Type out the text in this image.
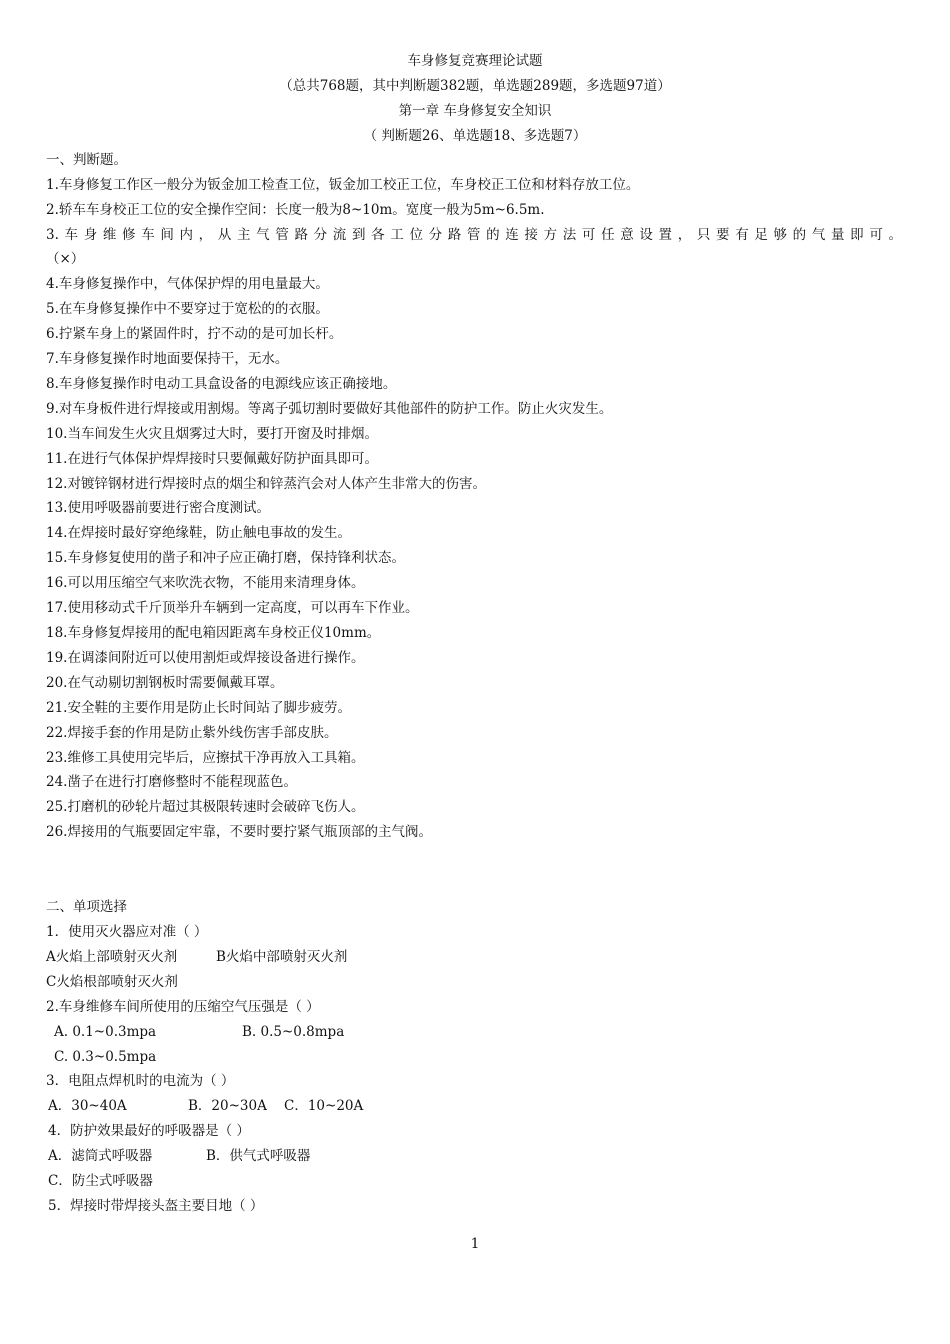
车身修复竞赛理论试题
（总共768题，其中判断题382题，单选题289题，多选题97道）
第一章 车身修复安全知识
（ 判断题26、单选题18、多选题7）
一、判断题。
1.车身修复工作区一般分为钣金加工检查工位，钣金加工校正工位，车身校正工位和材料存放工位。
2.轿车车身校正工位的安全操作空间：长度一般为8~10m。宽度一般为5m~6.5m.
3.车身维修车间内，从主气管路分流到各工位分路管的连接方法可任意设置，只要有足够的气量即可。
（×）
4.车身修复操作中，气体保护焊的用电量最大。
5.在车身修复操作中不要穿过于宽松的的衣服。
6.拧紧车身上的紧固件时，拧不动的是可加长杆。
7.车身修复操作时地面要保持干，无水。
8.车身修复操作时电动工具盒设备的电源线应该正确接地。
9.对车身板件进行焊接或用割焬。等离子弧切割时要做好其他部件的防护工作。防止火灾发生。
10.当车间发生火灾且烟雾过大时，要打开窗及时排烟。
11.在进行气体保护焊焊接时只要佩戴好防护面具即可。
12.对镀锌钢材进行焊接时点的烟尘和锌蒸汽会对人体产生非常大的伤害。
13.使用呼吸器前要进行密合度测试。
14.在焊接时最好穿绝缘鞋，防止触电事故的发生。
15.车身修复使用的凿子和冲子应正确打磨，保持锋利状态。
16.可以用压缩空气来吹洗衣物，不能用来清理身体。
17.使用移动式千斤顶举升车辆到一定高度，可以再车下作业。
18.车身修复焊接用的配电箱因距离车身校正仪10mm。
19.在调漆间附近可以使用割炬或焊接设备进行操作。
20.在气动剔切割钢板时需要佩戴耳罩。
21.安全鞋的主要作用是防止长时间站了脚步疲劳。
22.焊接手套的作用是防止紫外线伤害手部皮肤。
23.维修工具使用完毕后，应擦拭干净再放入工具箱。
24.凿子在进行打磨修整时不能程现蓝色。
25.打磨机的砂轮片超过其极限转速时会破碎飞伤人。
26.焊接用的气瓶要固定牢靠，不要时要拧紧气瓶顶部的主气阀。
二、单项选择
1．使用灭火器应对准（ ）
A火焰上部喷射灭火剂	B火焰中部喷射灭火剂
C火焰根部喷射灭火剂
2.车身维修车间所使用的压缩空气压强是（ ）
A. 0.1~0.3mpa	B. 0.5~0.8mpa
C. 0.3~0.5mpa
3．电阻点焊机时的电流为（ ）
A．30~40A	B．20~30A C．10~20A
4．防护效果最好的呼吸器是（ ）
A．滤筒式呼吸器	B．供气式呼吸器
C．防尘式呼吸器
5．焊接时带焊接头盔主要目地（ ）
1
